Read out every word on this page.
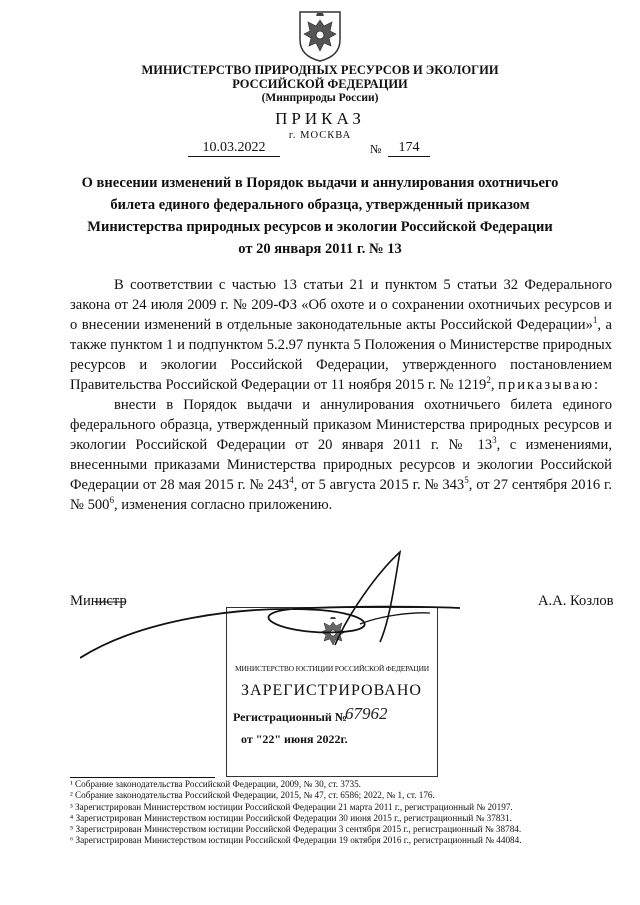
МИНИСТЕРСТВО ПРИРОДНЫХ РЕСУРСОВ И ЭКОЛОГИИ
РОССИЙСКОЙ ФЕДЕРАЦИИ
(Минприроды России)
ПРИКАЗ
г. МОСКВА
10.03.2022	№	174
О внесении изменений в Порядок выдачи и аннулирования охотничьего
билета единого федерального образца, утвержденный приказом
Министерства природных ресурсов и экологии Российской Федерации
от 20 января 2011 г. № 13

В соответствии с частью 13 статьи 21 и пунктом 5 статьи 32 Федерального закона от 24 июля 2009 г. № 209-ФЗ «Об охоте и о сохранении охотничьих ресурсов и о внесении изменений в отдельные законодательные акты Российской Федерации»$^1$, а также пунктом 1 и подпунктом 5.2.97 пункта 5 Положения о Министерстве природных ресурсов и экологии Российской Федерации, утвержденного постановлением Правительства Российской Федерации от 11 ноября 2015 г. № 1219$^2$, приказываю:

внести в Порядок выдачи и аннулирования охотничьего билета единого федерального образца, утвержденный приказом Министерства природных ресурсов и экологии Российской Федерации от 20 января 2011 г. № $13^3$, с изменениями, внесенными приказами Министерства природных ресурсов и экологии Российской Федерации от 28 мая 2015 г. № $243^4$, от 5 августа 2015 г. № $343^5$, от 27 сентября 2016 г. № $500^6$, изменения согласно приложению.

Министр	А.А. Козлов
МИНИСТЕРСТВО ЮСТИЦИИ РОССИЙСКОЙ ФЕДЕРАЦИИ
ЗАРЕГИСТРИРОВАНО
Регистрационный №
67962
от "22" июня 2022г.
¹ Собрание законодательства Российской Федерации, 2009, № 30, ст. 3735.
² Собрание законодательства Российской Федерации, 2015, № 47, ст. 6586; 2022, № 1, ст. 176.
³ Зарегистрирован Министерством юстиции Российской Федерации 21 марта 2011 г., регистрационный № 20197.
⁴ Зарегистрирован Министерством юстиции Российской Федерации 30 июня 2015 г., регистрационный № 37831.
⁵ Зарегистрирован Министерством юстиции Российской Федерации 3 сентября 2015 г., регистрационный № 38784.
⁶ Зарегистрирован Министерством юстиции Российской Федерации 19 октября 2016 г., регистрационный № 44084.
